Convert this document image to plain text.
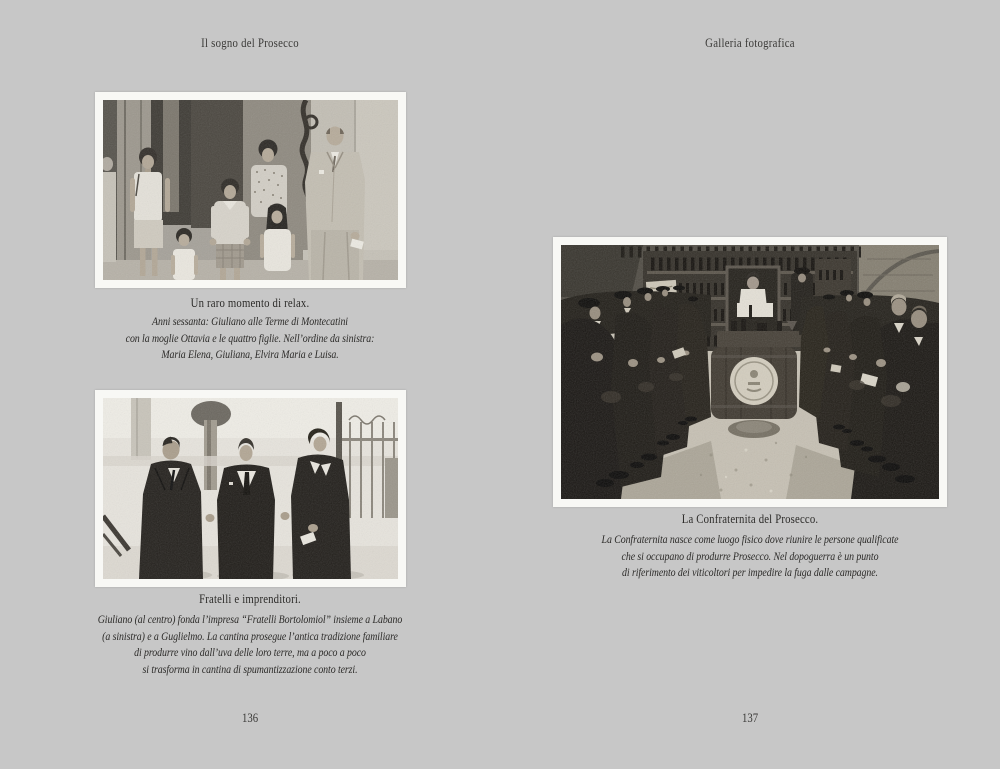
Il sogno del Prosecco	Galleria fotografica
Un raro momento di relax.
Anni sessanta: Giuliano alle Terme di Montecatini
con la moglie Ottavia e le quattro figlie. Nell’ordine da sinistra:
Maria Elena, Giuliana, Elvira Maria e Luisa.
Fratelli e imprenditori.
Giuliano (al centro) fonda l’impresa “Fratelli Bortolomiol” insieme a Labano
(a sinistra) e a Guglielmo. La cantina prosegue l’antica tradizione familiare
di produrre vino dall’uva delle loro terre, ma a poco a poco
si trasforma in cantina di spumantizzazione conto terzi.
La Confraternita del Prosecco.
La Confraternita nasce come luogo fisico dove riunire le persone qualificate
che si occupano di produrre Prosecco. Nel dopoguerra è un punto
di riferimento dei viticoltori per impedire la fuga dalle campagne.
136	137
